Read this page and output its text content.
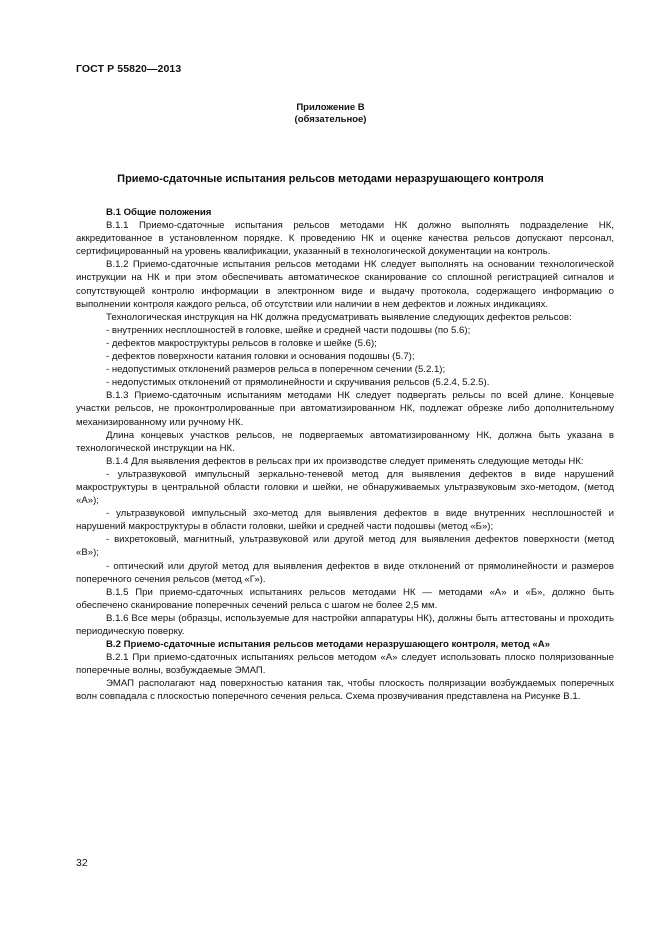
ГОСТ Р 55820—2013
Приложение В
(обязательное)
Приемо-сдаточные испытания рельсов методами неразрушающего контроля

В.1 Общие положения

В.1.1 Приемо-сдаточные испытания рельсов методами НК должно выполнять подразделение НК, аккредитованное в установленном порядке. К проведению НК и оценке качества рельсов допускают персонал, сертифицированный на уровень квалификации, указанный в технологической документации на контроль.

В.1.2 Приемо-сдаточные испытания рельсов методами НК следует выполнять на основании технологической инструкции на НК и при этом обеспечивать автоматическое сканирование со сплошной регистрацией сигналов и сопутствующей контролю информации в электронном виде и выдачу протокола, содержащего информацию о выполнении контроля каждого рельса, об отсутствии или наличии в нем дефектов и ложных индикациях.

Технологическая инструкция на НК должна предусматривать выявление следующих дефектов рельсов:

- внутренних несплошностей в головке, шейке и средней части подошвы (по 5.6);

- дефектов макроструктуры рельсов в головке и шейке (5.6);

- дефектов поверхности катания головки и основания подошвы (5.7);

- недопустимых отклонений размеров рельса в поперечном сечении (5.2.1);

- недопустимых отклонений от прямолинейности и скручивания рельсов (5.2.4, 5.2.5).

В.1.3 Приемо-сдаточным испытаниям методами НК следует подвергать рельсы по всей длине. Концевые участки рельсов, не проконтролированные при автоматизированном НК, подлежат обрезке либо дополнительному механизированному или ручному НК.

Длина концевых участков рельсов, не подвергаемых автоматизированному НК, должна быть указана в технологической инструкции на НК.

В.1.4 Для выявления дефектов в рельсах при их производстве следует применять следующие методы НК:

- ультразвуковой импульсный зеркально-теневой метод для выявления дефектов в виде нарушений макроструктуры в центральной области головки и шейки, не обнаруживаемых ультразвуковым эхо-методом, (метод «А»);

- ультразвуковой импульсный эхо-метод для выявления дефектов в виде внутренних несплошностей и нарушений макроструктуры в области головки, шейки и средней части подошвы (метод «Б»);

- вихретоковый, магнитный, ультразвуковой или другой метод для выявления дефектов поверхности (метод «В»);

- оптический или другой метод для выявления дефектов в виде отклонений от прямолинейности и размеров поперечного сечения рельсов (метод «Г»).

В.1.5 При приемо-сдаточных испытаниях рельсов методами НК — методами «А» и «Б», должно быть обеспечено сканирование поперечных сечений рельса с шагом не более 2,5 мм.

В.1.6 Все меры (образцы, используемые для настройки аппаратуры НК), должны быть аттестованы и проходить периодическую поверку.

В.2 Приемо-сдаточные испытания рельсов методами неразрушающего контроля, метод «А»

В.2.1 При приемо-сдаточных испытаниях рельсов методом «А» следует использовать плоско поляризованные поперечные волны, возбуждаемые ЭМАП.

ЭМАП располагают над поверхностью катания так, чтобы плоскость поляризации возбуждаемых поперечных волн совпадала с плоскостью поперечного сечения рельса. Схема прозвучивания представлена на Рисунке В.1.

32
